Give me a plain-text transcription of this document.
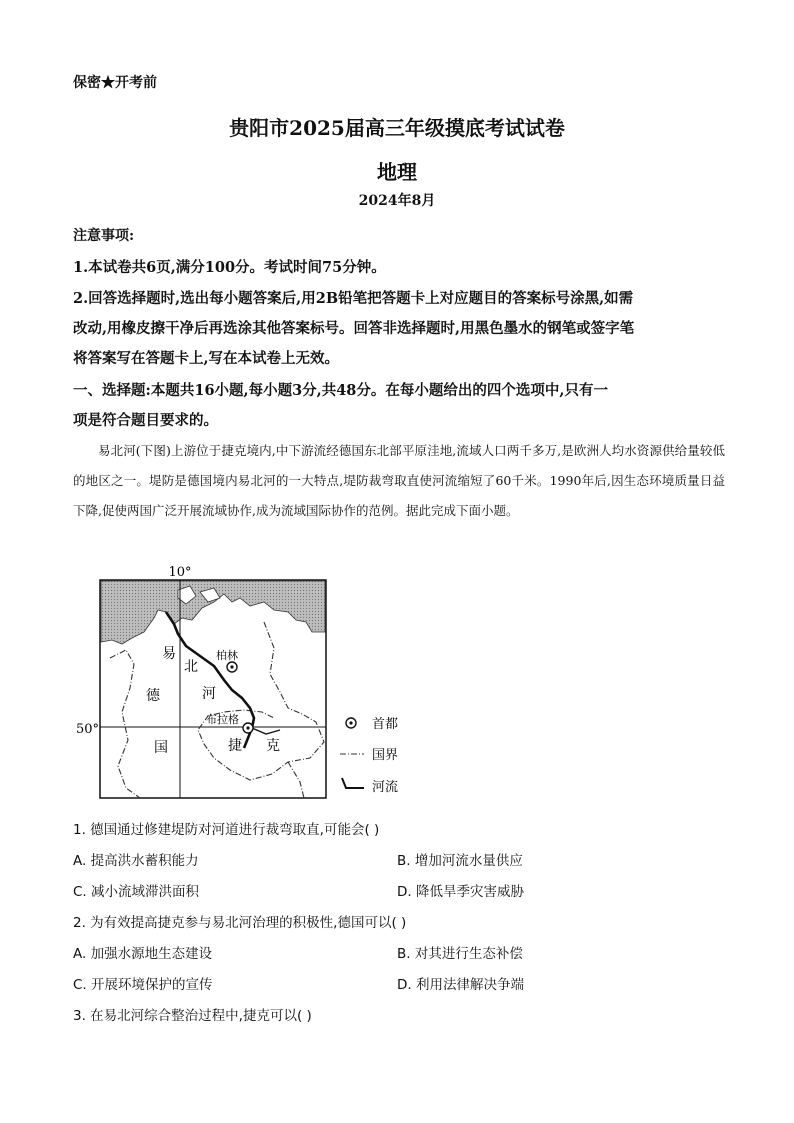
保密★开考前
贵阳市2025届高三年级摸底考试试卷
地理
2024年8月
注意事项:
1.本试卷共6页,满分100分。考试时间75分钟。
2.回答选择题时,选出每小题答案后,用2B铅笔把答题卡上对应题目的答案标号涂黑,如需
改动,用橡皮擦干净后再选涂其他答案标号。回答非选择题时,用黑色墨水的钢笔或签字笔
将答案写在答题卡上,写在本试卷上无效。
一、选择题:本题共16小题,每小题3分,共48分。在每小题给出的四个选项中,只有一
项是符合题目要求的。
易北河(下图)上游位于捷克境内,中下游流经德国东北部平原洼地,流域人口两千多万,是欧洲人均水资源供给量较低的地区之一。堤防是德国境内易北河的一大特点,堤防裁弯取直使河流缩短了60千米。1990年后,因生态环境质量日益下降,促使两国广泛开展流域协作,成为流域国际协作的范例。据此完成下面小题。
10°
50°
易
北
河
德
国	捷 克
柏林
布拉格	首都
国界
河流
1. 德国通过修建堤防对河道进行裁弯取直,可能会( )
A. 提高洪水蓄积能力	B. 增加河流水量供应
C. 减小流域滞洪面积	D. 降低旱季灾害威胁
2. 为有效提高捷克参与易北河治理的积极性,德国可以( )
A. 加强水源地生态建设	B. 对其进行生态补偿
C. 开展环境保护的宣传	D. 利用法律解决争端
3. 在易北河综合整治过程中,捷克可以( )
